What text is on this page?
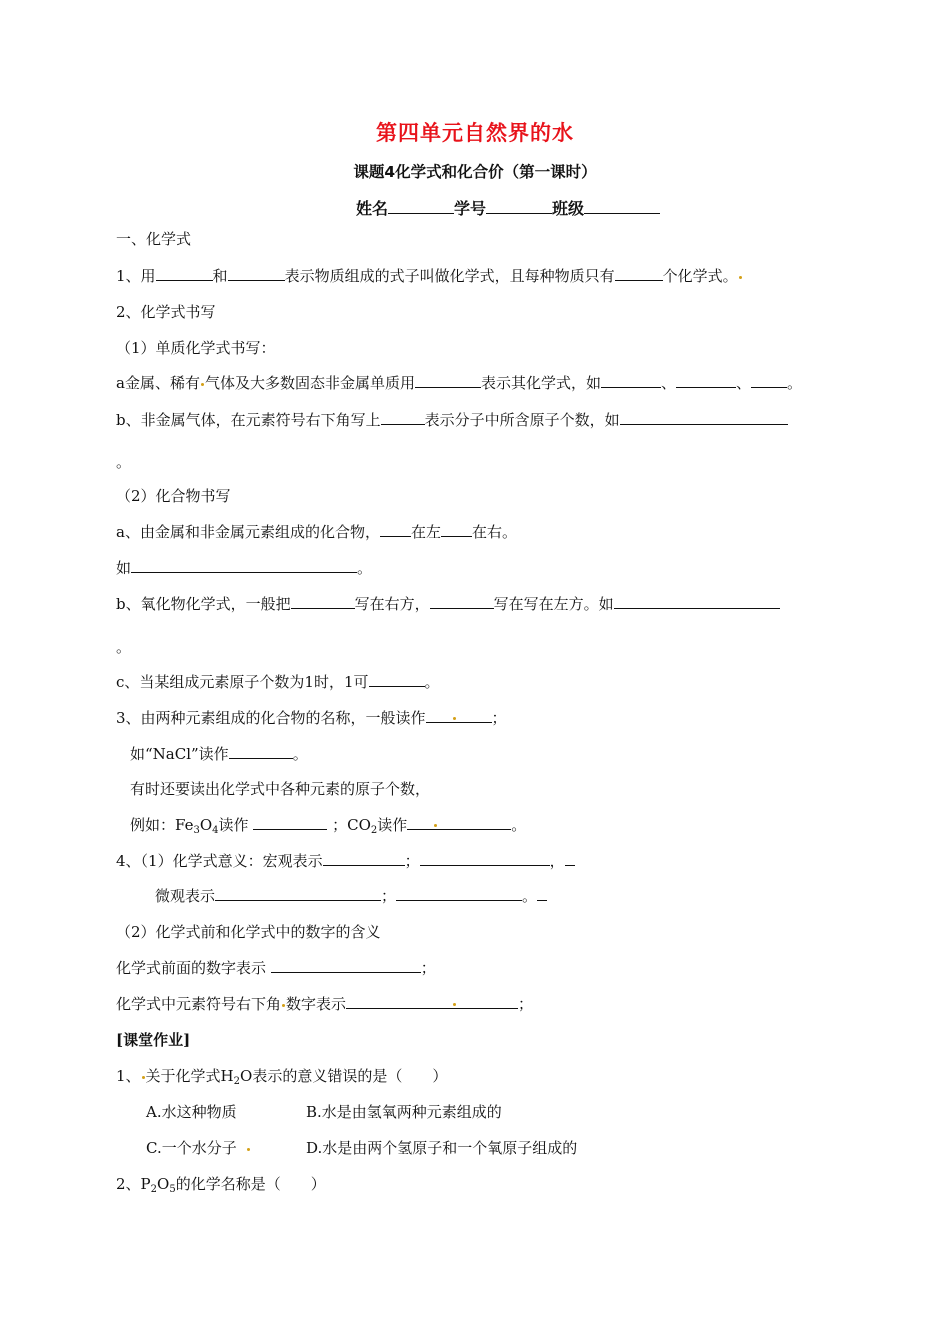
第四单元自然界的水
课题4化学式和化合价（第一课时）
姓名	学号	班级
一、化学式
1、用	和	表示物质组成的式子叫做化学式，且每种物质只有	个化学式。
2、化学式书写
（1）单质化学式书写：
a金属、稀有 气体及大多数固态非金属单质用	表示其化学式，如	、	、 。
b、非金属气体，在元素符号右下角写上	表示分子中所含原子个数，如
。
（2）化合物书写
a、由金属和非金属元素组成的化合物， 在左 在右。
如	。
b、氧化物化学式，一般把	写在右方，	写在写在左方。如
。
c、当某组成元素原子个数为1时，1可	。
3、由两种元素组成的化合物的名称，一般读作	；
如“NaCl”读作	。
有时还要读出化学式中各种元素的原子个数，
例如：$Fe_3O_4$读作	；$CO_2$读作	。
4、（1）化学式意义：宏观表示	；	，
微观表示	；	。
（2）化学式前和化学式中的数字的含义
化学式前面的数字表示	；
化学式中元素符号右下角 数字表示	；
[课堂作业]
1、 关于化学式$H_2O$表示的意义错误的是（　　）
A.水这种物质	B.水是由氢氧两种元素组成的
C.一个水分子	D.水是由两个氢原子和一个氧原子组成的
2、$P_2O_5$的化学名称是（　　）
